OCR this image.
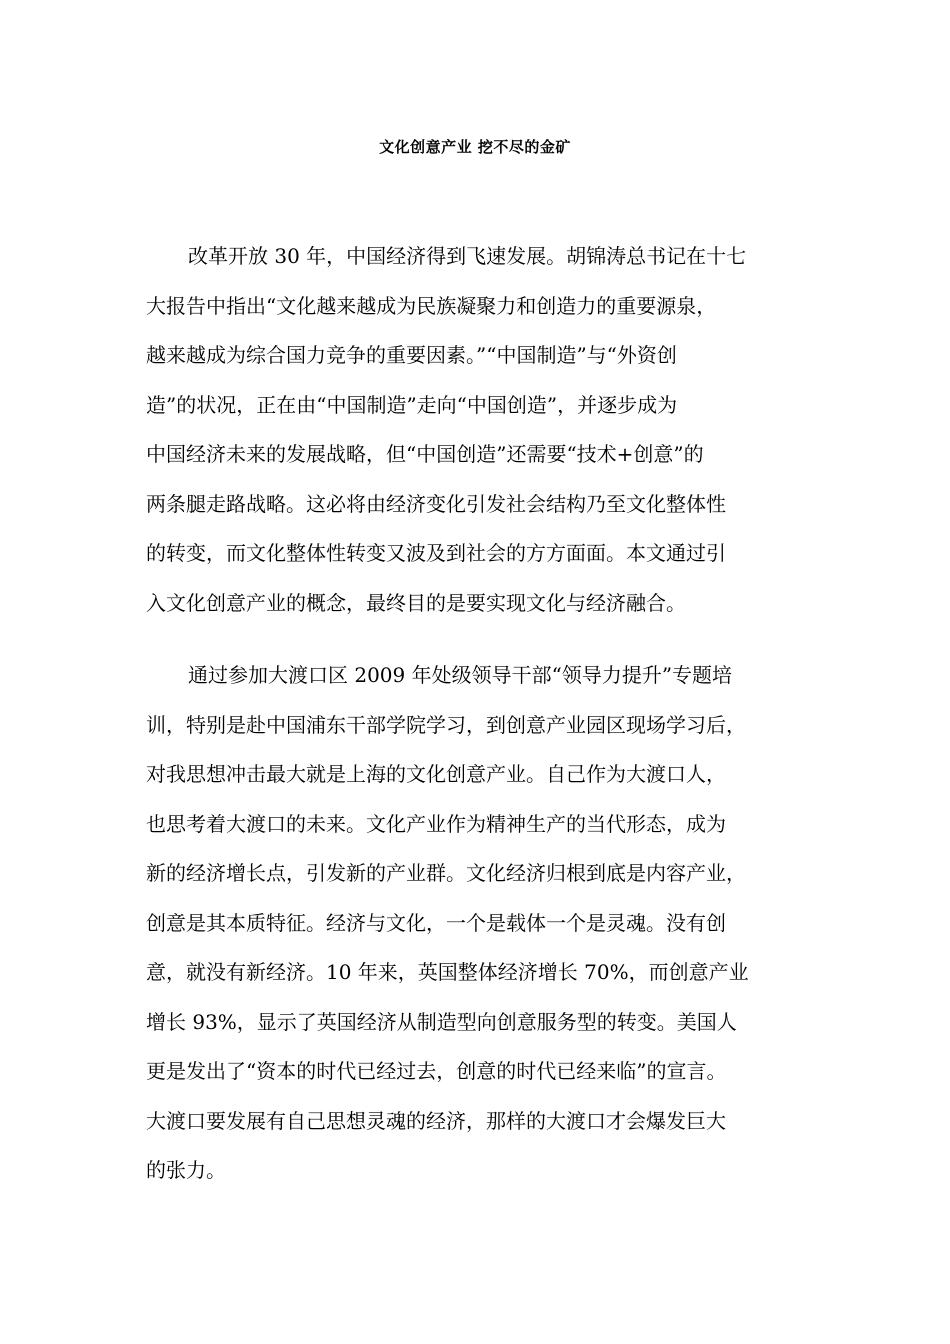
文化创意产业 挖不尽的金矿
改革开放 30 年，中国经济得到飞速发展。胡锦涛总书记在十七
大报告中指出“文化越来越成为民族凝聚力和创造力的重要源泉，
越来越成为综合国力竞争的重要因素。”“中国制造”与“外资创
造”的状况，正在由“中国制造”走向“中国创造”，并逐步成为
中国经济未来的发展战略，但“中国创造”还需要“技术+创意”的
两条腿走路战略。这必将由经济变化引发社会结构乃至文化整体性
的转变，而文化整体性转变又波及到社会的方方面面。本文通过引
入文化创意产业的概念，最终目的是要实现文化与经济融合。
通过参加大渡口区 2009 年处级领导干部“领导力提升”专题培
训，特别是赴中国浦东干部学院学习，到创意产业园区现场学习后，
对我思想冲击最大就是上海的文化创意产业。自己作为大渡口人，
也思考着大渡口的未来。文化产业作为精神生产的当代形态，成为
新的经济增长点，引发新的产业群。文化经济归根到底是内容产业，
创意是其本质特征。经济与文化，一个是载体一个是灵魂。没有创
意，就没有新经济。10 年来，英国整体经济增长 70%，而创意产业
增长 93%，显示了英国经济从制造型向创意服务型的转变。美国人
更是发出了“资本的时代已经过去，创意的时代已经来临”的宣言。
大渡口要发展有自己思想灵魂的经济，那样的大渡口才会爆发巨大
的张力。
